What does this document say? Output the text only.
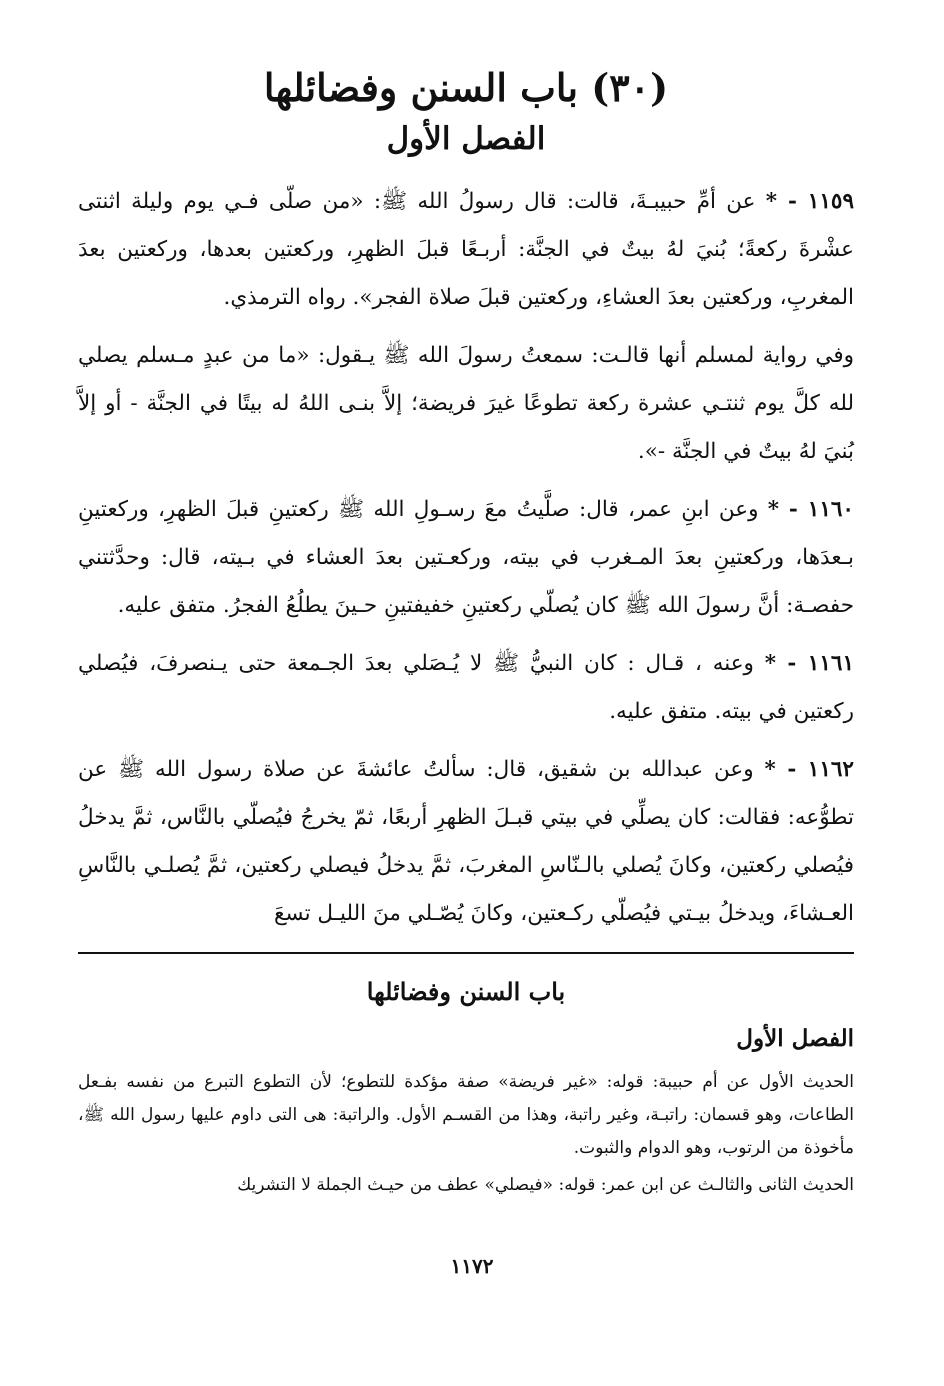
(٣٠) باب السنن وفضائلها
الفصل الأول

١١٥٩ - * عن أمِّ حبيبـةَ، قالت: قال رسولُ الله ﷺ: «من صلّى فـي يوم وليلة اثنتى عشْرةَ ركعةً؛ بُنيَ لهُ بيتٌ في الجنَّة: أربـعًا قبلَ الظهرِ، وركعتين بعدها، وركعتين بعدَ المغربِ، وركعتين بعدَ العشاءِ، وركعتين قبلَ صلاة الفجر». رواه الترمذي.

وفي رواية لمسلم أنها قالـت: سمعتُ رسولَ الله ﷺ يـقول: «ما من عبدٍ مـسلم يصلي لله كلَّ يوم ثنتـي عشرة ركعة تطوعًا غيرَ فريضة؛ إلاَّ بنـى اللهُ له بيتًا في الجنَّة - أو إلاَّ بُنيَ لهُ بيتٌ في الجنَّة -».

١١٦٠ - * وعن ابنِ عمر، قال: صلَّيتُ معَ رسـولِ الله ﷺ ركعتينِ قبلَ الظهرِ، وركعتينِ بـعدَها، وركعتينِ بعدَ المـغرب في بيته، وركعـتين بعدَ العشاء في بـيته، قال: وحدَّثتني حفصـة: أنَّ رسولَ الله ﷺ كان يُصلّي ركعتينِ خفيفتينِ حـينَ يطلُعُ الفجرُ. متفق عليه.

١١٦١ - * وعنه ، قـال : كان النبيُّ ﷺ لا يُـصَلي بعدَ الجـمعة حتى يـنصرفَ، فيُصلي ركعتين في بيته. متفق عليه.

١١٦٢ - * وعن عبدالله بن شقيق، قال: سألتُ عائشةَ عن صلاة رسول الله ﷺ عن تطوُّعه: فقالت: كان يصلِّي في بيتي قبـلَ الظهرِ أربعًا، ثمّ يخرجُ فيُصلّي بالنَّاس، ثمَّ يدخلُ فيُصلي ركعتين، وكانَ يُصلي بالـنّاسِ المغربَ، ثمَّ يدخلُ فيصلي ركعتين، ثمَّ يُصلـي بالنَّاسِ العـشاءَ، ويدخلُ بيـتي فيُصلّي ركـعتين، وكانَ يُصّـلي منَ الليـل تسعَ

باب السنن وفضائلها
الفصل الأول

الحديث الأول عن أم حبيبة: قوله: «غير فريضة» صفة مؤكدة للتطوع؛ لأن التطوع التبرع من نفسه بفـعل الطاعات، وهو قسمان: راتبـة، وغير راتبة، وهذا من القسـم الأول. والراتبة: هى التى داوم عليها رسول الله ﷺ، مأخوذة من الرتوب، وهو الدوام والثبوت.

الحديث الثانى والثالـث عن ابن عمر: قوله: «فيصلي» عطف من حيـث الجملة لا التشريك

١١٧٢
